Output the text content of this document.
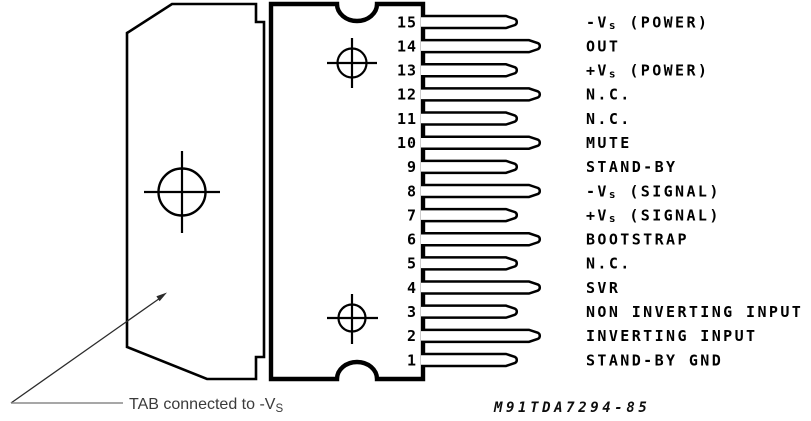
15	-Vs (POWER)
14	OUT
13	+Vs (POWER)
12	N.C.
11	N.C.
10	MUTE
9	STAND-BY
8	-Vs (SIGNAL)
7	+Vs (SIGNAL)
6	BOOTSTRAP
5	N.C.
4	SVR
3	NON INVERTING INPUT
2	INVERTING INPUT
1	STAND-BY GND
TAB connected to -VS	M91TDA7294-85
